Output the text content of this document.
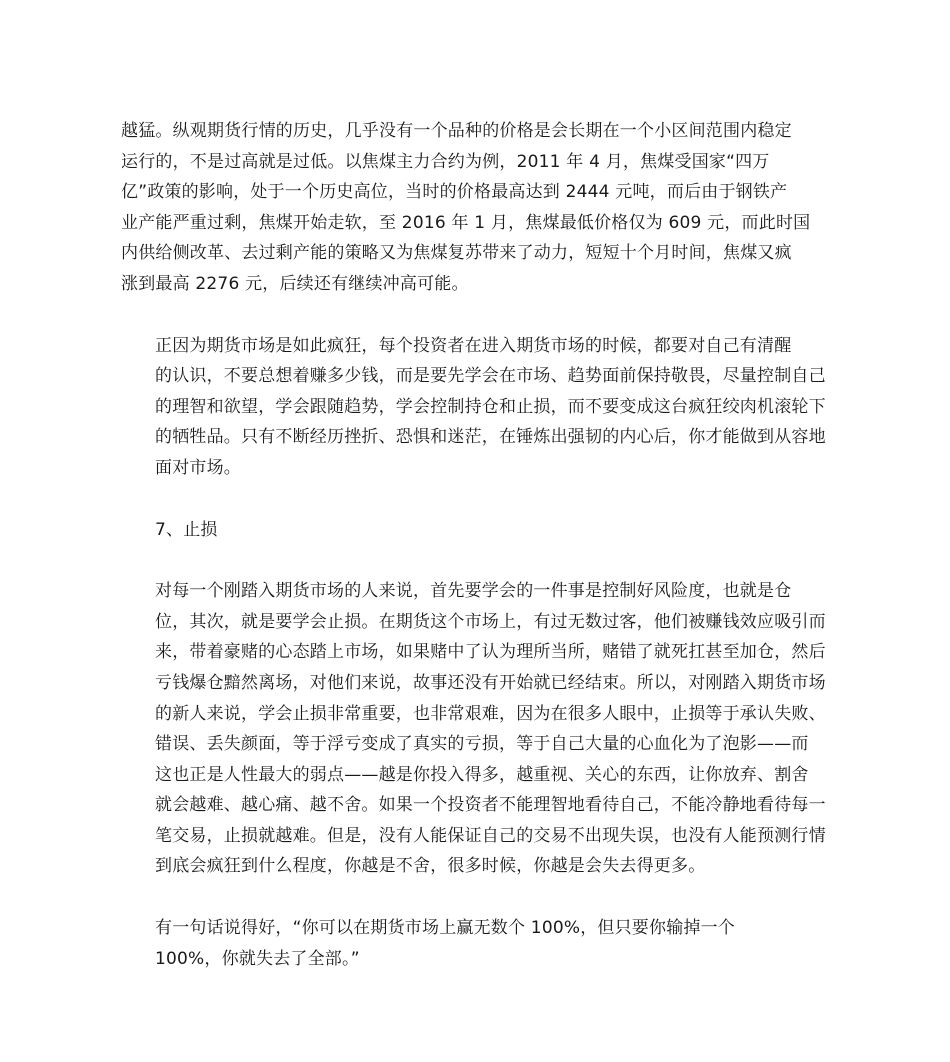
越猛。纵观期货行情的历史，几乎没有一个品种的价格是会长期在一个小区间范围内稳定
运行的，不是过高就是过低。以焦煤主力合约为例，2011 年 4 月，焦煤受国家“四万
亿”政策的影响，处于一个历史高位，当时的价格最高达到 2444 元吨，而后由于钢铁产
业产能严重过剩，焦煤开始走软，至 2016 年 1 月，焦煤最低价格仅为 609 元，而此时国
内供给侧改革、去过剩产能的策略又为焦煤复苏带来了动力，短短十个月时间，焦煤又疯
涨到最高 2276 元，后续还有继续冲高可能。

正因为期货市场是如此疯狂，每个投资者在进入期货市场的时候，都要对自己有清醒
的认识，不要总想着赚多少钱，而是要先学会在市场、趋势面前保持敬畏，尽量控制自己
的理智和欲望，学会跟随趋势，学会控制持仓和止损，而不要变成这台疯狂绞肉机滚轮下
的牺牲品。只有不断经历挫折、恐惧和迷茫，在锤炼出强韧的内心后，你才能做到从容地
面对市场。

7、止损

对每一个刚踏入期货市场的人来说，首先要学会的一件事是控制好风险度，也就是仓
位，其次，就是要学会止损。在期货这个市场上，有过无数过客，他们被赚钱效应吸引而
来，带着豪赌的心态踏上市场，如果赌中了认为理所当所，赌错了就死扛甚至加仓，然后
亏钱爆仓黯然离场，对他们来说，故事还没有开始就已经结束。所以，对刚踏入期货市场
的新人来说，学会止损非常重要，也非常艰难，因为在很多人眼中，止损等于承认失败、
错误、丢失颜面，等于浮亏变成了真实的亏损，等于自己大量的心血化为了泡影——而
这也正是人性最大的弱点——越是你投入得多，越重视、关心的东西，让你放弃、割舍
就会越难、越心痛、越不舍。如果一个投资者不能理智地看待自己，不能冷静地看待每一
笔交易，止损就越难。但是，没有人能保证自己的交易不出现失误，也没有人能预测行情
到底会疯狂到什么程度，你越是不舍，很多时候，你越是会失去得更多。

有一句话说得好，“你可以在期货市场上赢无数个 100%，但只要你输掉一个
100%，你就失去了全部。”
